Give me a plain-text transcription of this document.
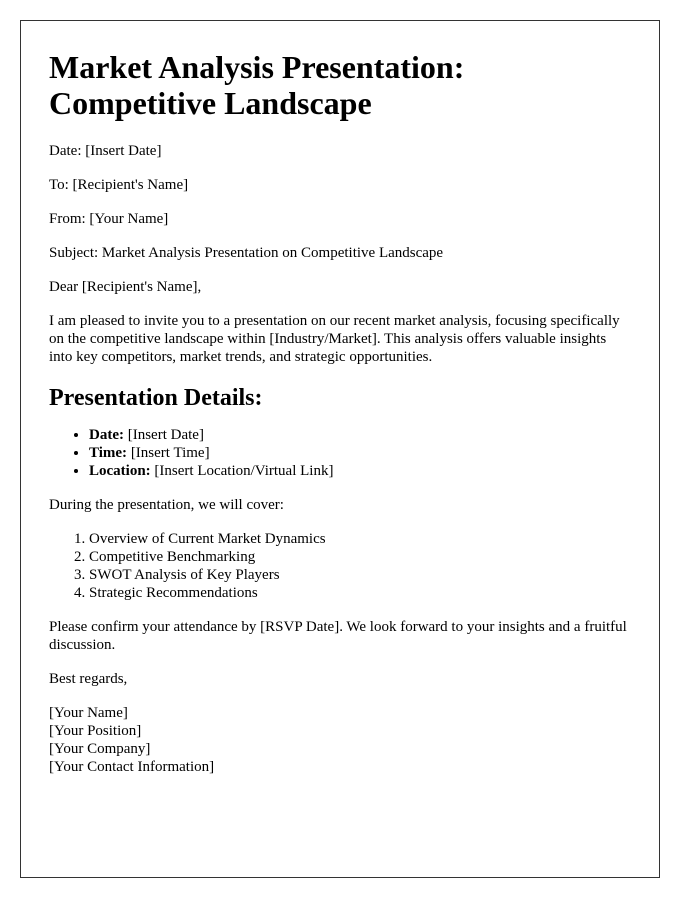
Market Analysis Presentation: Competitive Landscape

Date: [Insert Date]

To: [Recipient's Name]

From: [Your Name]

Subject: Market Analysis Presentation on Competitive Landscape

Dear [Recipient's Name],

I am pleased to invite you to a presentation on our recent market analysis, focusing specifically on the competitive landscape within [Industry/Market]. This analysis offers valuable insights into key competitors, market trends, and strategic opportunities.

Presentation Details:
• Date: [Insert Date]
• Time: [Insert Time]
• Location: [Insert Location/Virtual Link]

During the presentation, we will cover:

1. Overview of Current Market Dynamics
2. Competitive Benchmarking
3. SWOT Analysis of Key Players
4. Strategic Recommendations

Please confirm your attendance by [RSVP Date]. We look forward to your insights and a fruitful discussion.

Best regards,

[Your Name]
[Your Position]
[Your Company]
[Your Contact Information]
